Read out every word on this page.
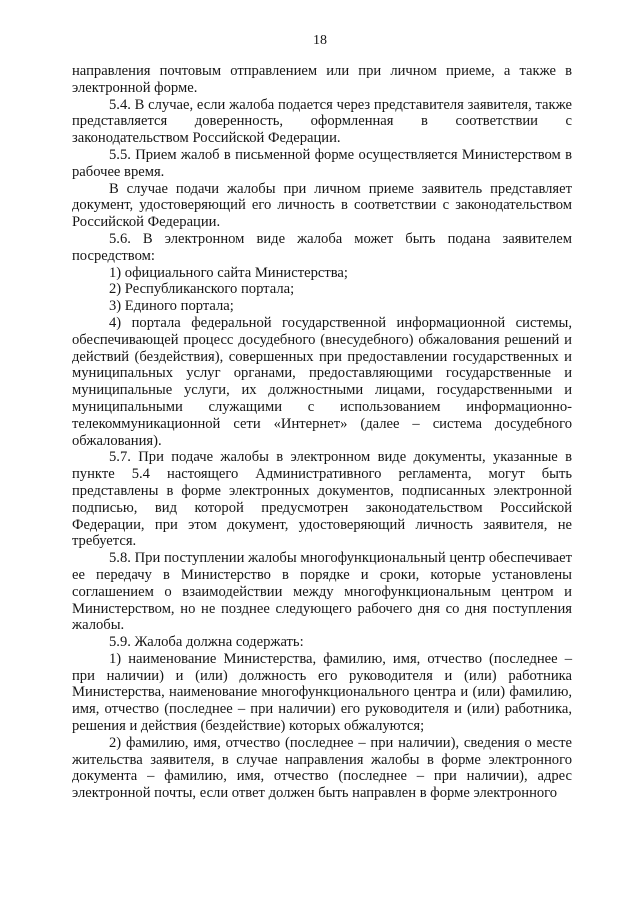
18

направления почтовым отправлением или при личном приеме, а также в электронной форме.

5.4. В случае, если жалоба подается через представителя заявителя, также представляется доверенность, оформленная в соответствии с законодательством Российской Федерации.

5.5. Прием жалоб в письменной форме осуществляется Министерством в рабочее время.

В случае подачи жалобы при личном приеме заявитель представляет документ, удостоверяющий его личность в соответствии с законодательством Российской Федерации.

5.6. В электронном виде жалоба может быть подана заявителем посредством:

1) официального сайта Министерства;

2) Республиканского портала;

3) Единого портала;

4) портала федеральной государственной информационной системы, обеспечивающей процесс досудебного (внесудебного) обжалования решений и действий (бездействия), совершенных при предоставлении государственных и муниципальных услуг органами, предоставляющими государственные и муниципальные услуги, их должностными лицами, государственными и муниципальными служащими с использованием информационно-телекоммуникационной сети «Интернет» (далее – система досудебного обжалования).

5.7. При подаче жалобы в электронном виде документы, указанные в пункте 5.4 настоящего Административного регламента, могут быть представлены в форме электронных документов, подписанных электронной подписью, вид которой предусмотрен законодательством Российской Федерации, при этом документ, удостоверяющий личность заявителя, не требуется.

5.8. При поступлении жалобы многофункциональный центр обеспечивает ее передачу в Министерство в порядке и сроки, которые установлены соглашением о взаимодействии между многофункциональным центром и Министерством, но не позднее следующего рабочего дня со дня поступления жалобы.

5.9. Жалоба должна содержать:

1) наименование Министерства, фамилию, имя, отчество (последнее – при наличии) и (или) должность его руководителя и (или) работника Министерства, наименование многофункционального центра и (или) фамилию, имя, отчество (последнее – при наличии) его руководителя и (или) работника, решения и действия (бездействие) которых обжалуются;

2) фамилию, имя, отчество (последнее – при наличии), сведения о месте жительства заявителя, в случае направления жалобы в форме электронного документа – фамилию, имя, отчество (последнее – при наличии), адрес электронной почты, если ответ должен быть направлен в форме электронного
